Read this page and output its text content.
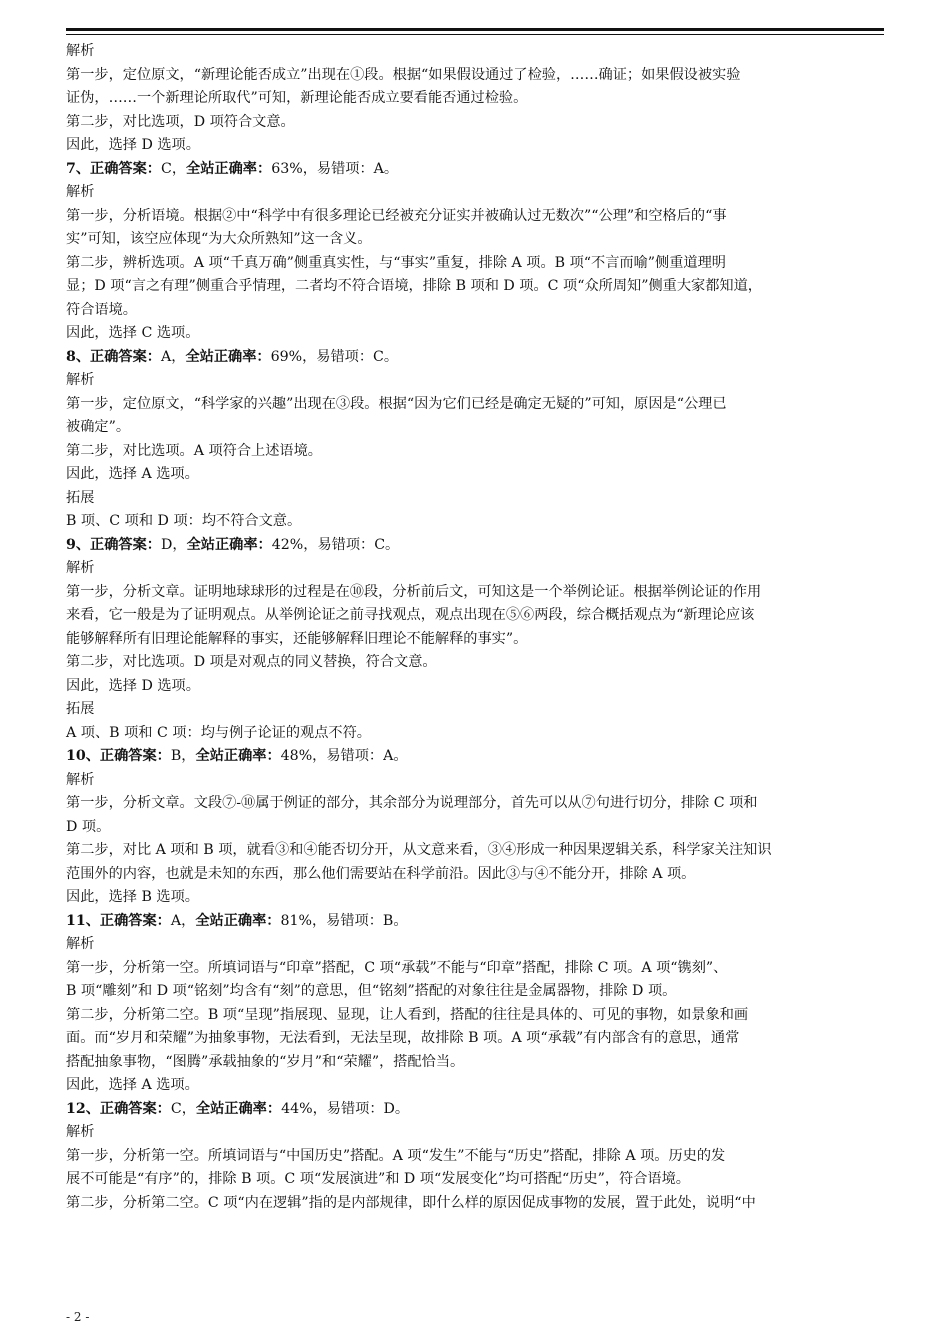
解析
第一步，定位原文，“新理论能否成立”出现在①段。根据“如果假设通过了检验，……确证；如果假设被实验
证伪，……一个新理论所取代”可知，新理论能否成立要看能否通过检验。
第二步，对比选项，D 项符合文意。
因此，选择 D 选项。
7、正确答案：C，全站正确率：63%，易错项：A。
解析
第一步，分析语境。根据②中“科学中有很多理论已经被充分证实并被确认过无数次”“公理”和空格后的“事
实”可知，该空应体现“为大众所熟知”这一含义。
第二步，辨析选项。A 项“千真万确”侧重真实性，与“事实”重复，排除 A 项。B 项“不言而喻”侧重道理明
显；D 项“言之有理”侧重合乎情理，二者均不符合语境，排除 B 项和 D 项。C 项“众所周知”侧重大家都知道，
符合语境。
因此，选择 C 选项。
8、正确答案：A，全站正确率：69%，易错项：C。
解析
第一步，定位原文，“科学家的兴趣”出现在③段。根据“因为它们已经是确定无疑的”可知，原因是“公理已
被确定”。
第二步，对比选项。A 项符合上述语境。
因此，选择 A 选项。
拓展
B 项、C 项和 D 项：均不符合文意。
9、正确答案：D，全站正确率：42%，易错项：C。
解析
第一步，分析文章。证明地球球形的过程是在⑩段，分析前后文，可知这是一个举例论证。根据举例论证的作用
来看，它一般是为了证明观点。从举例论证之前寻找观点，观点出现在⑤⑥两段，综合概括观点为“新理论应该
能够解释所有旧理论能解释的事实，还能够解释旧理论不能解释的事实”。
第二步，对比选项。D 项是对观点的同义替换，符合文意。
因此，选择 D 选项。
拓展
A 项、B 项和 C 项：均与例子论证的观点不符。
10、正确答案：B，全站正确率：48%，易错项：A。
解析
第一步，分析文章。文段⑦-⑩属于例证的部分，其余部分为说理部分，首先可以从⑦句进行切分，排除 C 项和
D 项。
第二步，对比 A 项和 B 项，就看③和④能否切分开，从文意来看，③④形成一种因果逻辑关系，科学家关注知识
范围外的内容，也就是未知的东西，那么他们需要站在科学前沿。因此③与④不能分开，排除 A 项。
因此，选择 B 选项。
11、正确答案：A，全站正确率：81%，易错项：B。
解析
第一步，分析第一空。所填词语与“印章”搭配，C 项“承载”不能与“印章”搭配，排除 C 项。A 项“镌刻”、
B 项“雕刻”和 D 项“铭刻”均含有“刻”的意思，但“铭刻”搭配的对象往往是金属器物，排除 D 项。
第二步，分析第二空。B 项“呈现”指展现、显现，让人看到，搭配的往往是具体的、可见的事物，如景象和画
面。而“岁月和荣耀”为抽象事物，无法看到，无法呈现，故排除 B 项。A 项“承载”有内部含有的意思，通常
搭配抽象事物，“图腾”承载抽象的“岁月”和“荣耀”，搭配恰当。
因此，选择 A 选项。
12、正确答案：C，全站正确率：44%，易错项：D。
解析
第一步，分析第一空。所填词语与“中国历史”搭配。A 项“发生”不能与“历史”搭配，排除 A 项。历史的发
展不可能是“有序”的，排除 B 项。C 项“发展演进”和 D 项“发展变化”均可搭配“历史”，符合语境。
第二步，分析第二空。C 项“内在逻辑”指的是内部规律，即什么样的原因促成事物的发展，置于此处，说明“中
- 2 -
